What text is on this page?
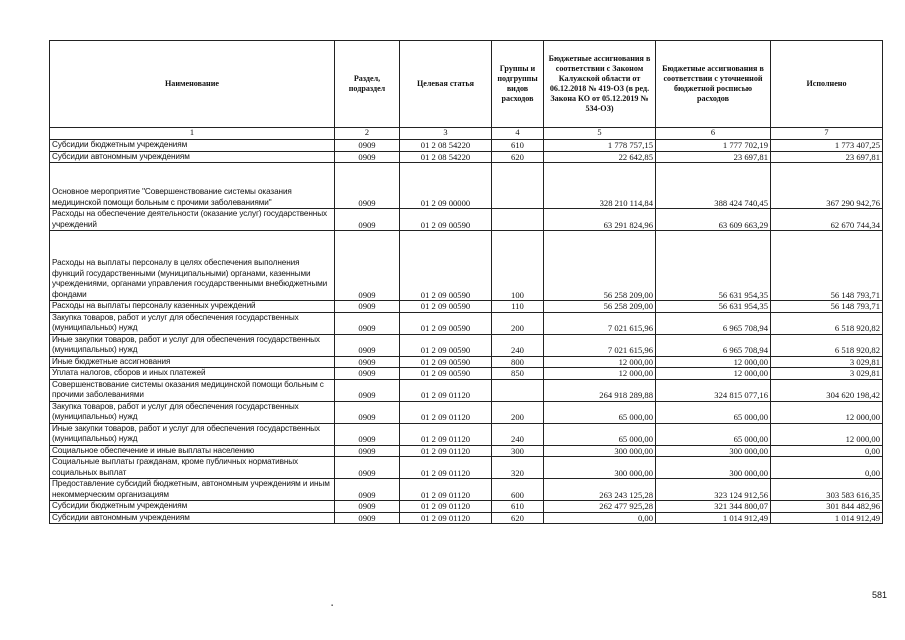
Наименование	Раздел, подраздел	Целевая статья	Группы и подгруппы видов расходов	Бюджетные ассигнования в соответствии с Законом Калужской области от 06.12.2018 № 419-ОЗ (в ред. Закона КО от 05.12.2019 № 534-ОЗ)	Бюджетные ассигнования в соответствии с уточненной бюджетной росписью расходов	Исполнено
1	2	3	4	5	6	7
Субсидии бюджетным учреждениям	0909	01 2 08 54220	610	1 778 757,15	1 777 702,19	1 773 407,25
Субсидии автономным учреждениям	0909	01 2 08 54220	620	22 642,85	23 697,81	23 697,81
Основное мероприятие "Совершенствование системы оказания медицинской помощи больным с прочими заболеваниями"	0909	01 2 09 00000		328 210 114,84	388 424 740,45	367 290 942,76
Расходы на обеспечение деятельности (оказание услуг) государственных учреждений	0909	01 2 09 00590		63 291 824,96	63 609 663,29	62 670 744,34
Расходы на выплаты персоналу в целях обеспечения выполнения функций государственными (муниципальными) органами, казенными учреждениями, органами управления государственными внебюджетными фондами	0909	01 2 09 00590	100	56 258 209,00	56 631 954,35	56 148 793,71
Расходы на выплаты персоналу казенных учреждений	0909	01 2 09 00590	110	56 258 209,00	56 631 954,35	56 148 793,71
Закупка товаров, работ и услуг для обеспечения государственных (муниципальных) нужд	0909	01 2 09 00590	200	7 021 615,96	6 965 708,94	6 518 920,82
Иные закупки товаров, работ и услуг для обеспечения государственных (муниципальных) нужд	0909	01 2 09 00590	240	7 021 615,96	6 965 708,94	6 518 920,82
Иные бюджетные ассигнования	0909	01 2 09 00590	800	12 000,00	12 000,00	3 029,81
Уплата налогов, сборов и иных платежей	0909	01 2 09 00590	850	12 000,00	12 000,00	3 029,81
Совершенствование системы оказания медицинской помощи больным с прочими заболеваниями	0909	01 2 09 01120		264 918 289,88	324 815 077,16	304 620 198,42
Закупка товаров, работ и услуг для обеспечения государственных (муниципальных) нужд	0909	01 2 09 01120	200	65 000,00	65 000,00	12 000,00
Иные закупки товаров, работ и услуг для обеспечения государственных (муниципальных) нужд	0909	01 2 09 01120	240	65 000,00	65 000,00	12 000,00
Социальное обеспечение и иные выплаты населению	0909	01 2 09 01120	300	300 000,00	300 000,00	0,00
Социальные выплаты гражданам, кроме публичных нормативных социальных выплат	0909	01 2 09 01120	320	300 000,00	300 000,00	0,00
Предоставление субсидий бюджетным, автономным учреждениям и иным некоммерческим организациям	0909	01 2 09 01120	600	263 243 125,28	323 124 912,56	303 583 616,35
Субсидии бюджетным учреждениям	0909	01 2 09 01120	610	262 477 925,28	321 344 800,07	301 844 482,96
Субсидии автономным учреждениям	0909	01 2 09 01120	620	0,00	1 014 912,49	1 014 912,49
581
▪
